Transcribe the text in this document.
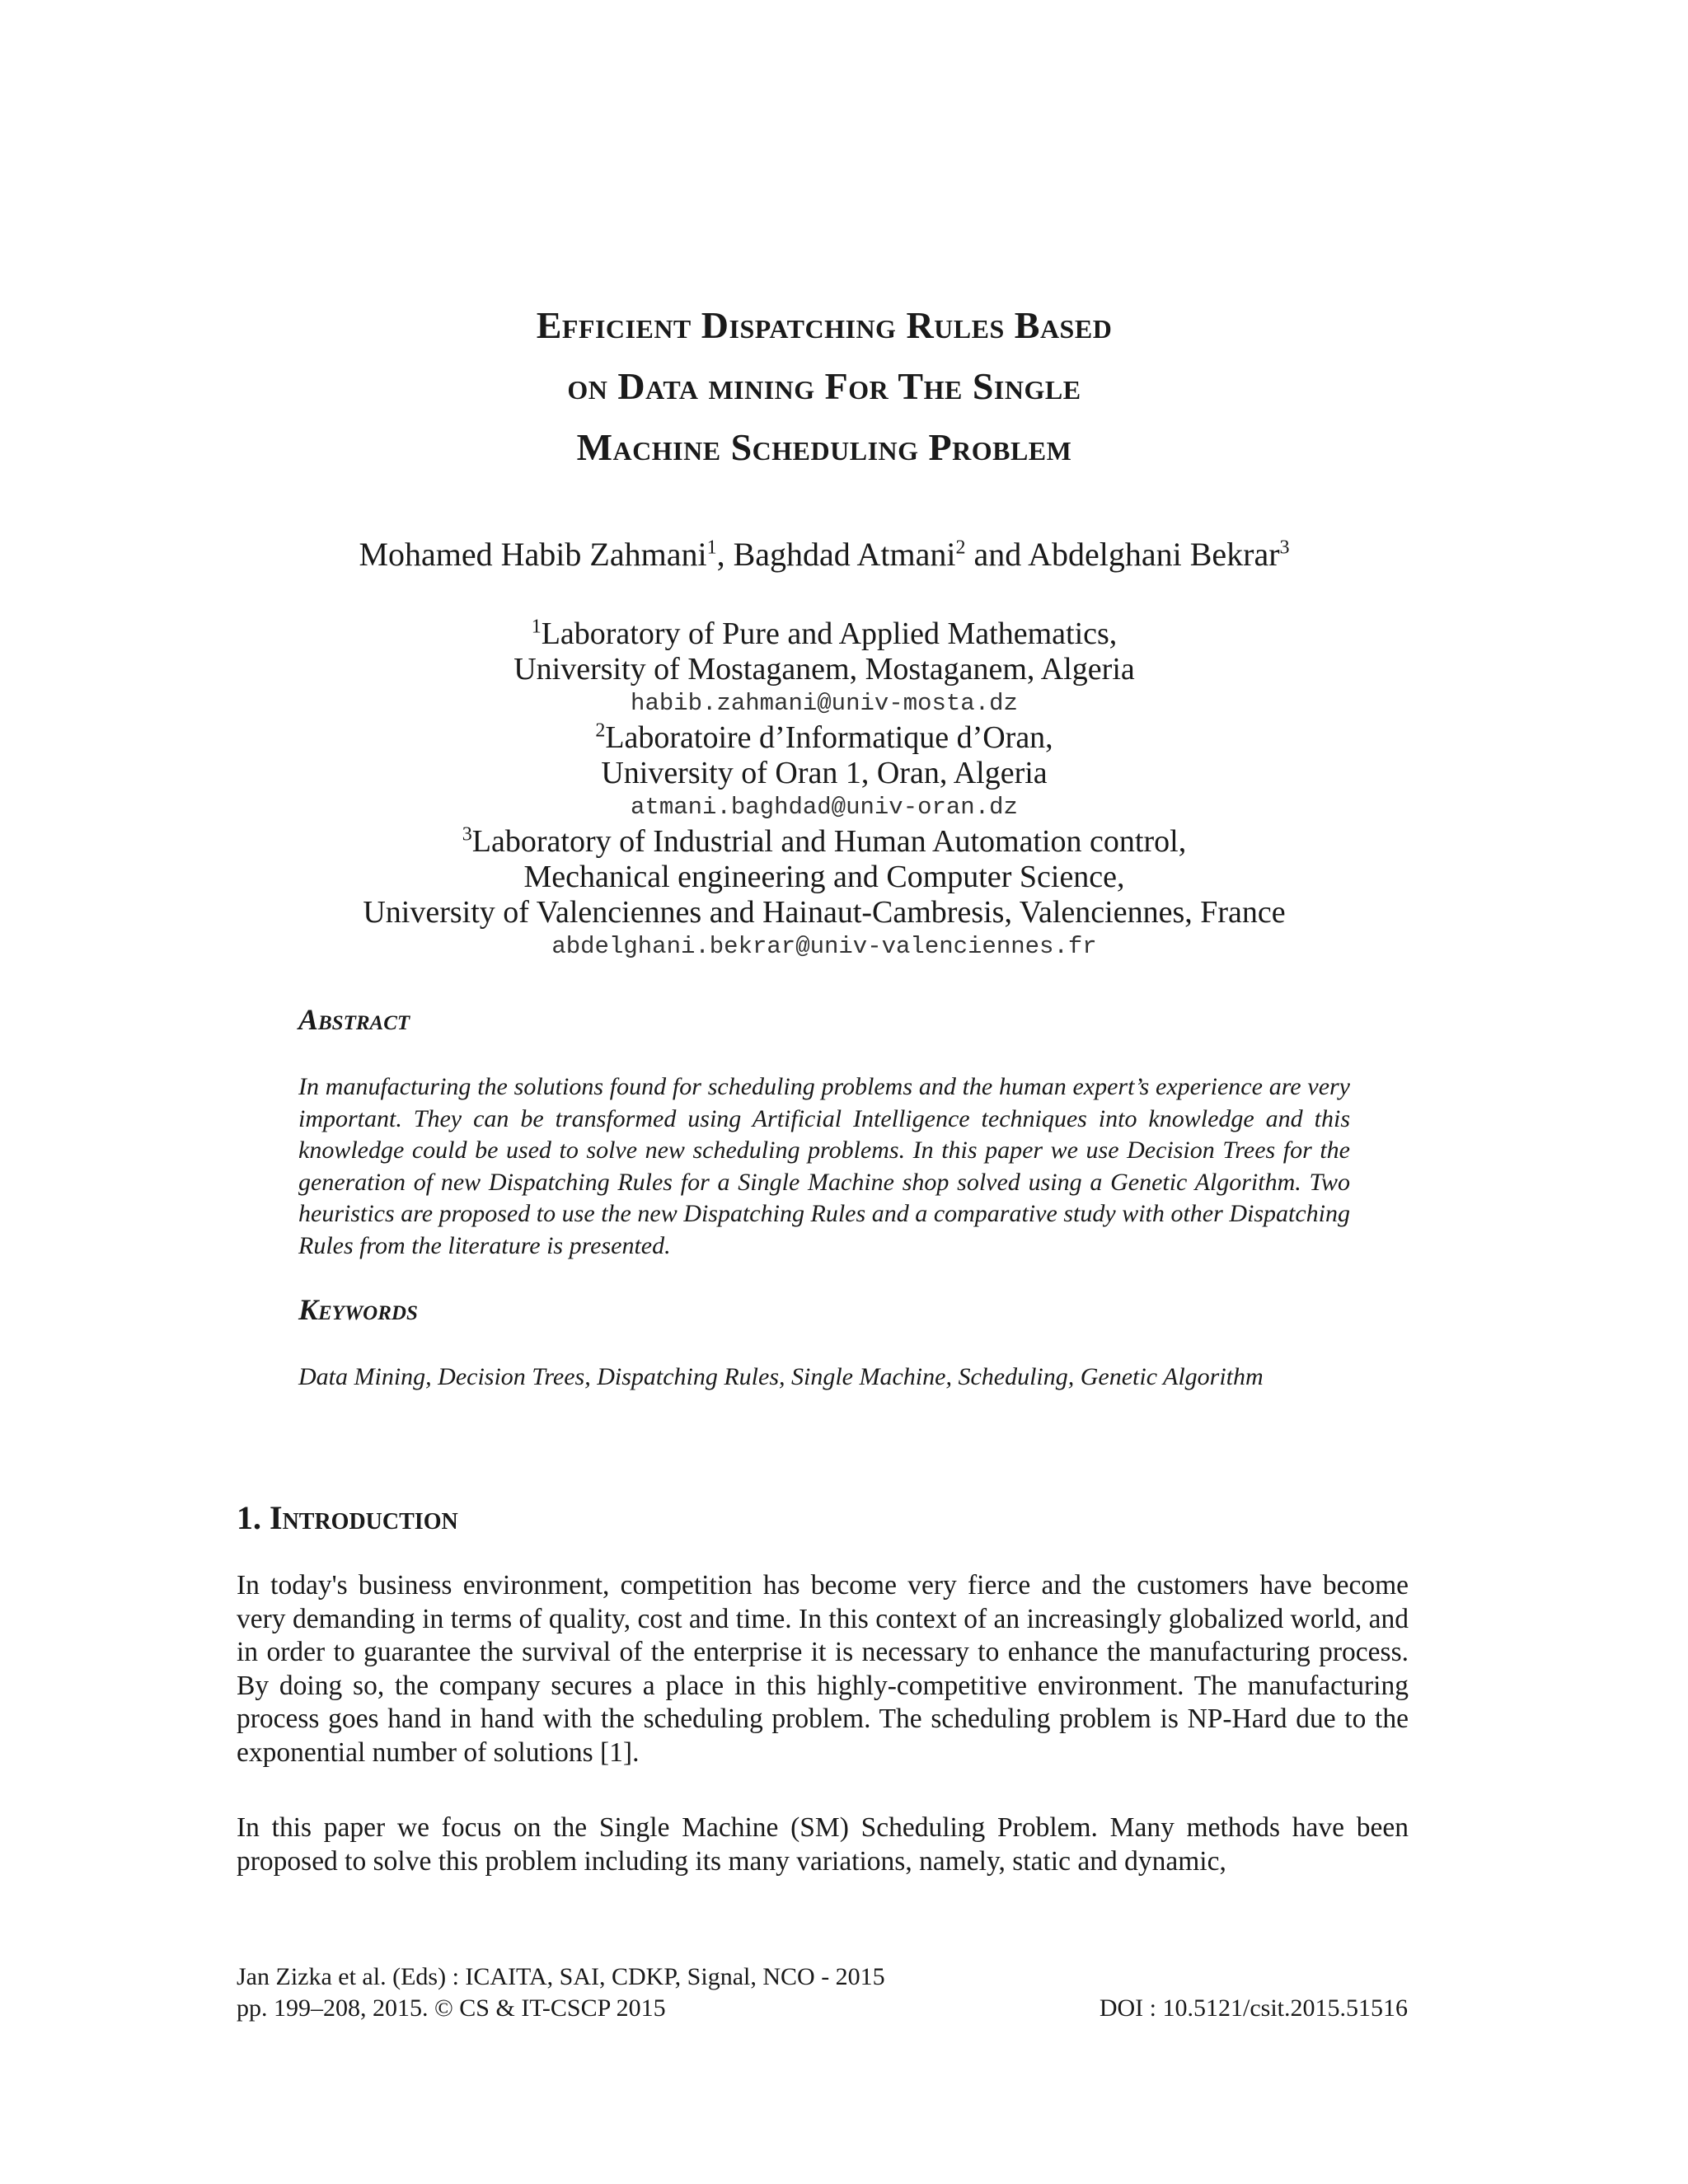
Efficient Dispatching Rules Based
on Data mining For The Single
Machine Scheduling Problem
Mohamed Habib Zahmani$^1$, Baghdad Atmani$^2$ and Abdelghani Bekrar$^3$
$^1$Laboratory of Pure and Applied Mathematics,
University of Mostaganem, Mostaganem, Algeria
habib.zahmani@univ-mosta.dz
$^2$Laboratoire d’Informatique d’Oran,
University of Oran 1, Oran, Algeria
atmani.baghdad@univ-oran.dz
$^3$Laboratory of Industrial and Human Automation control,
Mechanical engineering and Computer Science,
University of Valenciennes and Hainaut-Cambresis, Valenciennes, France
abdelghani.bekrar@univ-valenciennes.fr
Abstract
In manufacturing the solutions found for scheduling problems and the human expert’s experience are very important. They can be transformed using Artificial Intelligence techniques into knowledge and this knowledge could be used to solve new scheduling problems. In this paper we use Decision Trees for the generation of new Dispatching Rules for a Single Machine shop solved using a Genetic Algorithm. Two heuristics are proposed to use the new Dispatching Rules and a comparative study with other Dispatching Rules from the literature is presented.
Keywords
Data Mining, Decision Trees, Dispatching Rules, Single Machine, Scheduling, Genetic Algorithm
1. Introduction
In today's business environment, competition has become very fierce and the customers have become very demanding in terms of quality, cost and time. In this context of an increasingly globalized world, and in order to guarantee the survival of the enterprise it is necessary to enhance the manufacturing process. By doing so, the company secures a place in this highly-competitive environment. The manufacturing process goes hand in hand with the scheduling problem. The scheduling problem is NP-Hard due to the exponential number of solutions [1].
In this paper we focus on the Single Machine (SM) Scheduling Problem. Many methods have been proposed to solve this problem including its many variations, namely, static and dynamic,
Jan Zizka et al. (Eds) : ICAITA, SAI, CDKP, Signal, NCO - 2015
pp. 199–208, 2015. © CS & IT-CSCP 2015	DOI : 10.5121/csit.2015.51516
